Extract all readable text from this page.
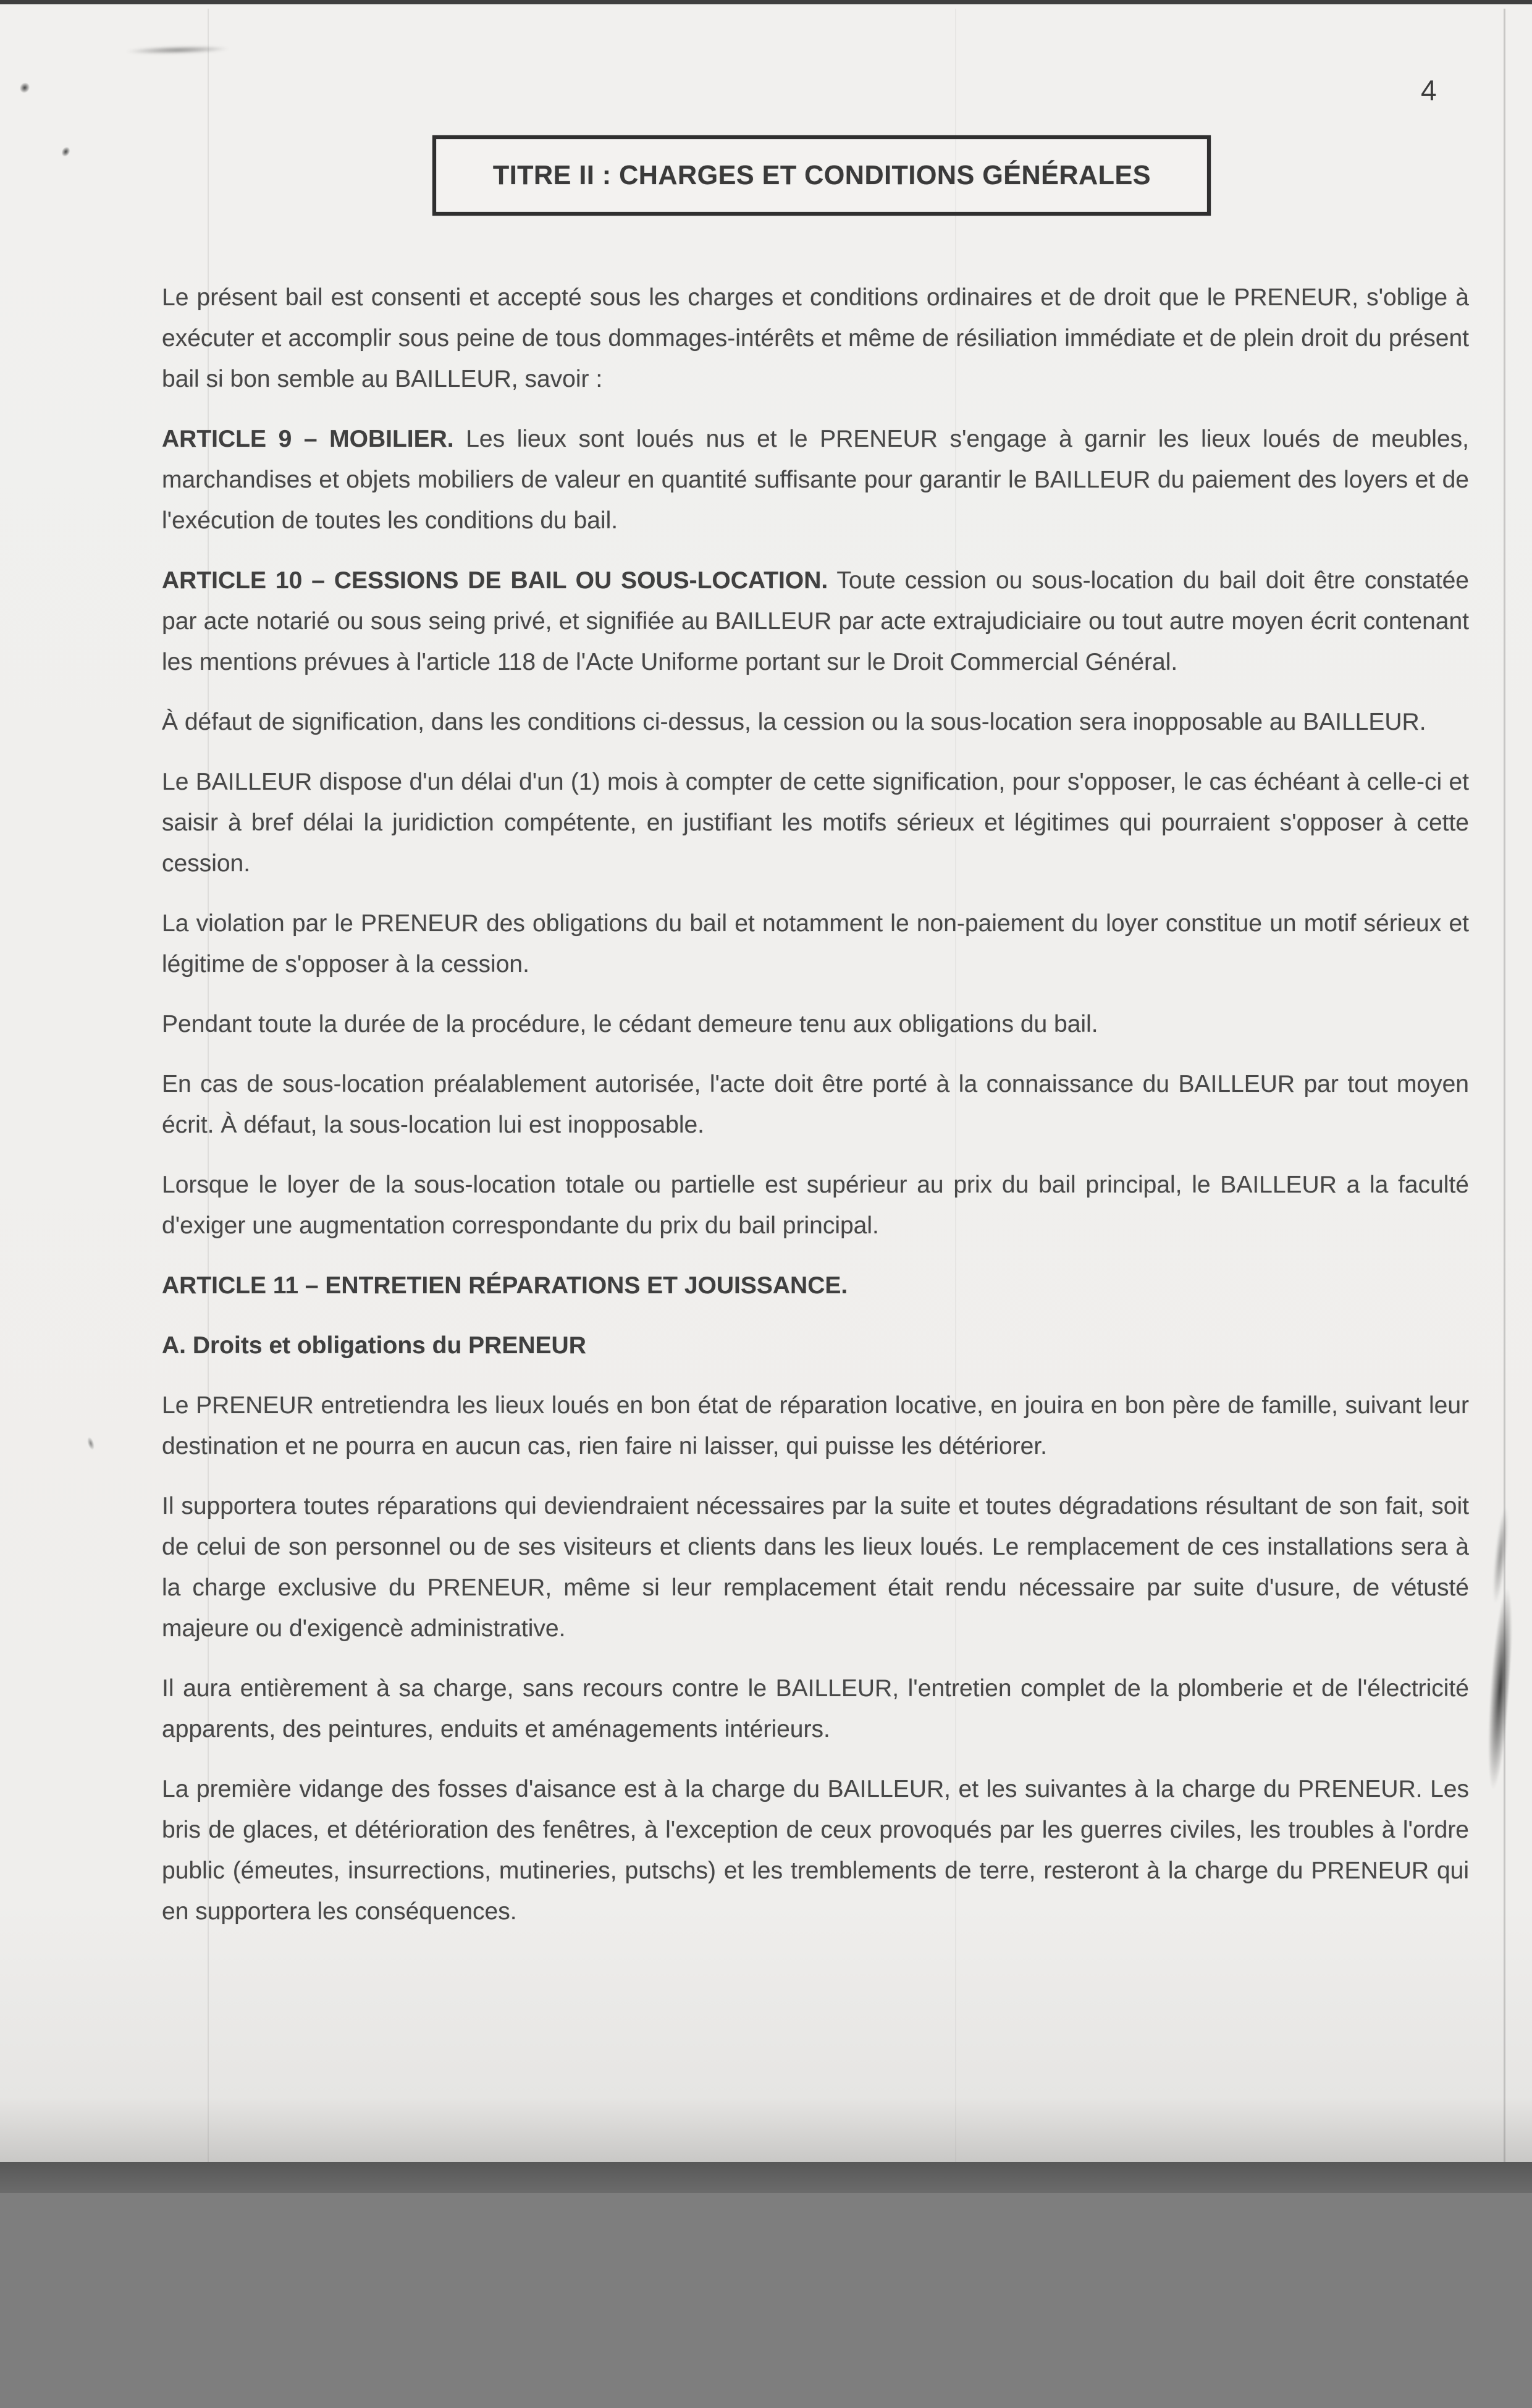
4
TITRE II : CHARGES ET CONDITIONS GÉNÉRALES

Le présent bail est consenti et accepté sous les charges et conditions ordinaires et de droit que le PRENEUR, s'oblige à exécuter et accomplir sous peine de tous dommages-intérêts et même de résiliation immédiate et de plein droit du présent bail si bon semble au BAILLEUR, savoir :

ARTICLE 9 – MOBILIER. Les lieux sont loués nus et le PRENEUR s'engage à garnir les lieux loués de meubles, marchandises et objets mobiliers de valeur en quantité suffisante pour garantir le BAILLEUR du paiement des loyers et de l'exécution de toutes les conditions du bail.

ARTICLE 10 – CESSIONS DE BAIL OU SOUS-LOCATION. Toute cession ou sous-location du bail doit être constatée par acte notarié ou sous seing privé, et signifiée au BAILLEUR par acte extrajudiciaire ou tout autre moyen écrit contenant les mentions prévues à l'article 118 de l'Acte Uniforme portant sur le Droit Commercial Général.

À défaut de signification, dans les conditions ci-dessus, la cession ou la sous-location sera inopposable au BAILLEUR.

Le BAILLEUR dispose d'un délai d'un (1) mois à compter de cette signification, pour s'opposer, le cas échéant à celle-ci et saisir à bref délai la juridiction compétente, en justifiant les motifs sérieux et légitimes qui pourraient s'opposer à cette cession.

La violation par le PRENEUR des obligations du bail et notamment le non-paiement du loyer constitue un motif sérieux et légitime de s'opposer à la cession.

Pendant toute la durée de la procédure, le cédant demeure tenu aux obligations du bail.

En cas de sous-location préalablement autorisée, l'acte doit être porté à la connaissance du BAILLEUR par tout moyen écrit. À défaut, la sous-location lui est inopposable.

Lorsque le loyer de la sous-location totale ou partielle est supérieur au prix du bail principal, le BAILLEUR a la faculté d'exiger une augmentation correspondante du prix du bail principal.

ARTICLE 11 – ENTRETIEN RÉPARATIONS ET JOUISSANCE.

A. Droits et obligations du PRENEUR

Le PRENEUR entretiendra les lieux loués en bon état de réparation locative, en jouira en bon père de famille, suivant leur destination et ne pourra en aucun cas, rien faire ni laisser, qui puisse les détériorer.

Il supportera toutes réparations qui deviendraient nécessaires par la suite et toutes dégradations résultant de son fait, soit de celui de son personnel ou de ses visiteurs et clients dans les lieux loués. Le remplacement de ces installations sera à la charge exclusive du PRENEUR, même si leur remplacement était rendu nécessaire par suite d'usure, de vétusté majeure ou d'exigencè administrative.

Il aura entièrement à sa charge, sans recours contre le BAILLEUR, l'entretien complet de la plomberie et de l'électricité apparents, des peintures, enduits et aménagements intérieurs.

La première vidange des fosses d'aisance est à la charge du BAILLEUR, et les suivantes à la charge du PRENEUR. Les bris de glaces, et détérioration des fenêtres, à l'exception de ceux provoqués par les guerres civiles, les troubles à l'ordre public (émeutes, insurrections, mutineries, putschs) et les tremblements de terre, resteront à la charge du PRENEUR qui en supportera les conséquences.
